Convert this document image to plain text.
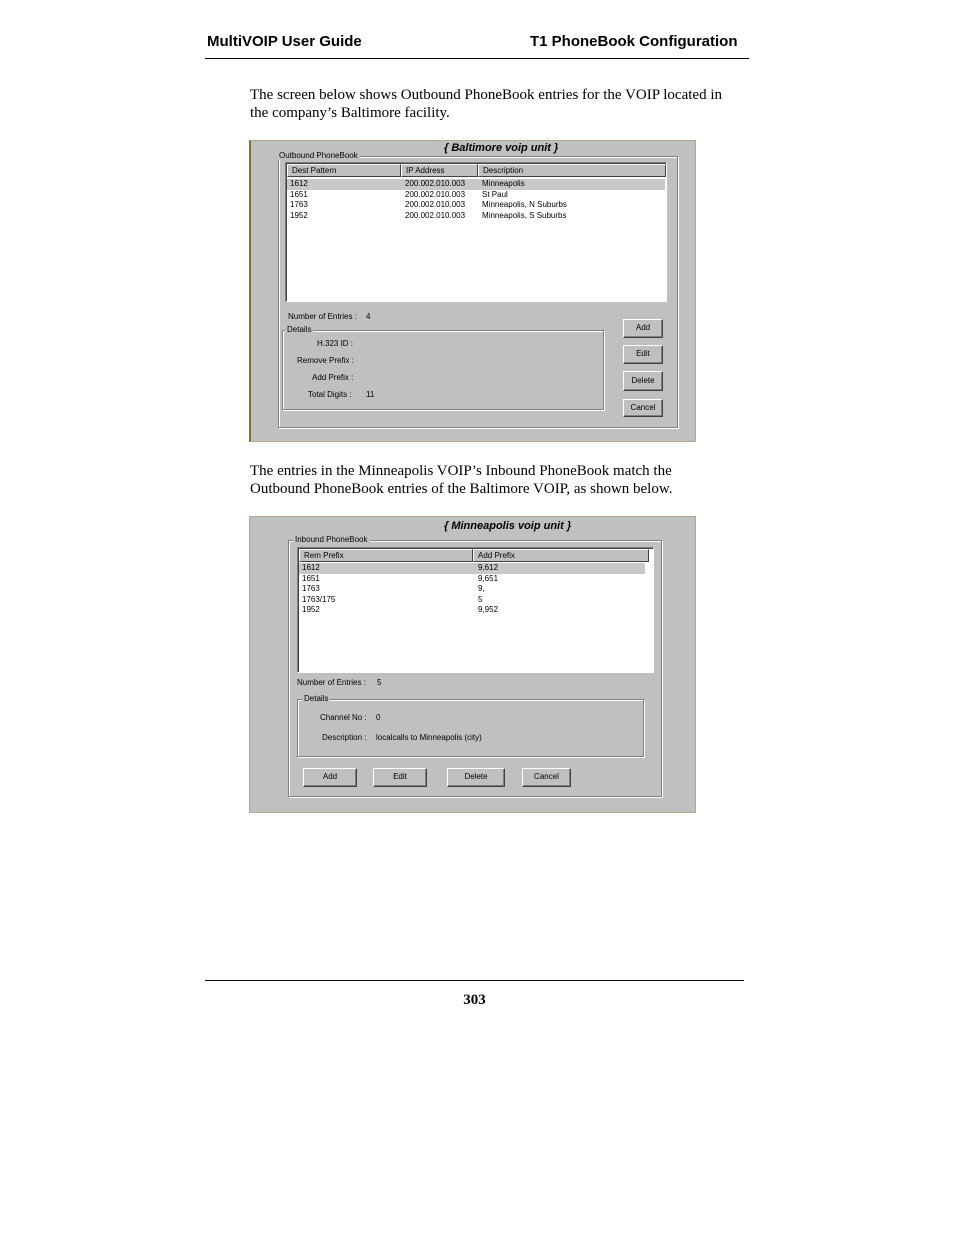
MultiVOIP User Guide	T1 PhoneBook Configuration
The screen below shows Outbound PhoneBook entries for the VOIP located in
the company’s Baltimore facility.
{ Baltimore voip unit }
Outbound PhoneBook
Dest Pattern	IP Address	Description
1612	200.002.010.003 Minneapolis
1651	200.002.010.003 St Paul
1763	200.002.010.003 Minneapolis, N Suburbs
1952	200.002.010.003 Minneapolis, S Suburbs
Number of Entries : 4
Details
H.323 ID :
Remove Prefix :
Add Prefix :
Total Digits : 11
Add
Edit
Delete
Cancel
The entries in the Minneapolis VOIP’s Inbound PhoneBook match the
Outbound PhoneBook entries of the Baltimore VOIP, as shown below.
{ Minneapolis voip unit }
Inbound PhoneBook
Rem Prefix	Add Prefix
1612	9,612
1651	9,651
1763	9,
1763/175	5
1952	9,952
Number of Entries : 5
Details
Channel No : 0
Description : localcalls to Minneapolis (city)
Add	Edit	Delete	Cancel
303
